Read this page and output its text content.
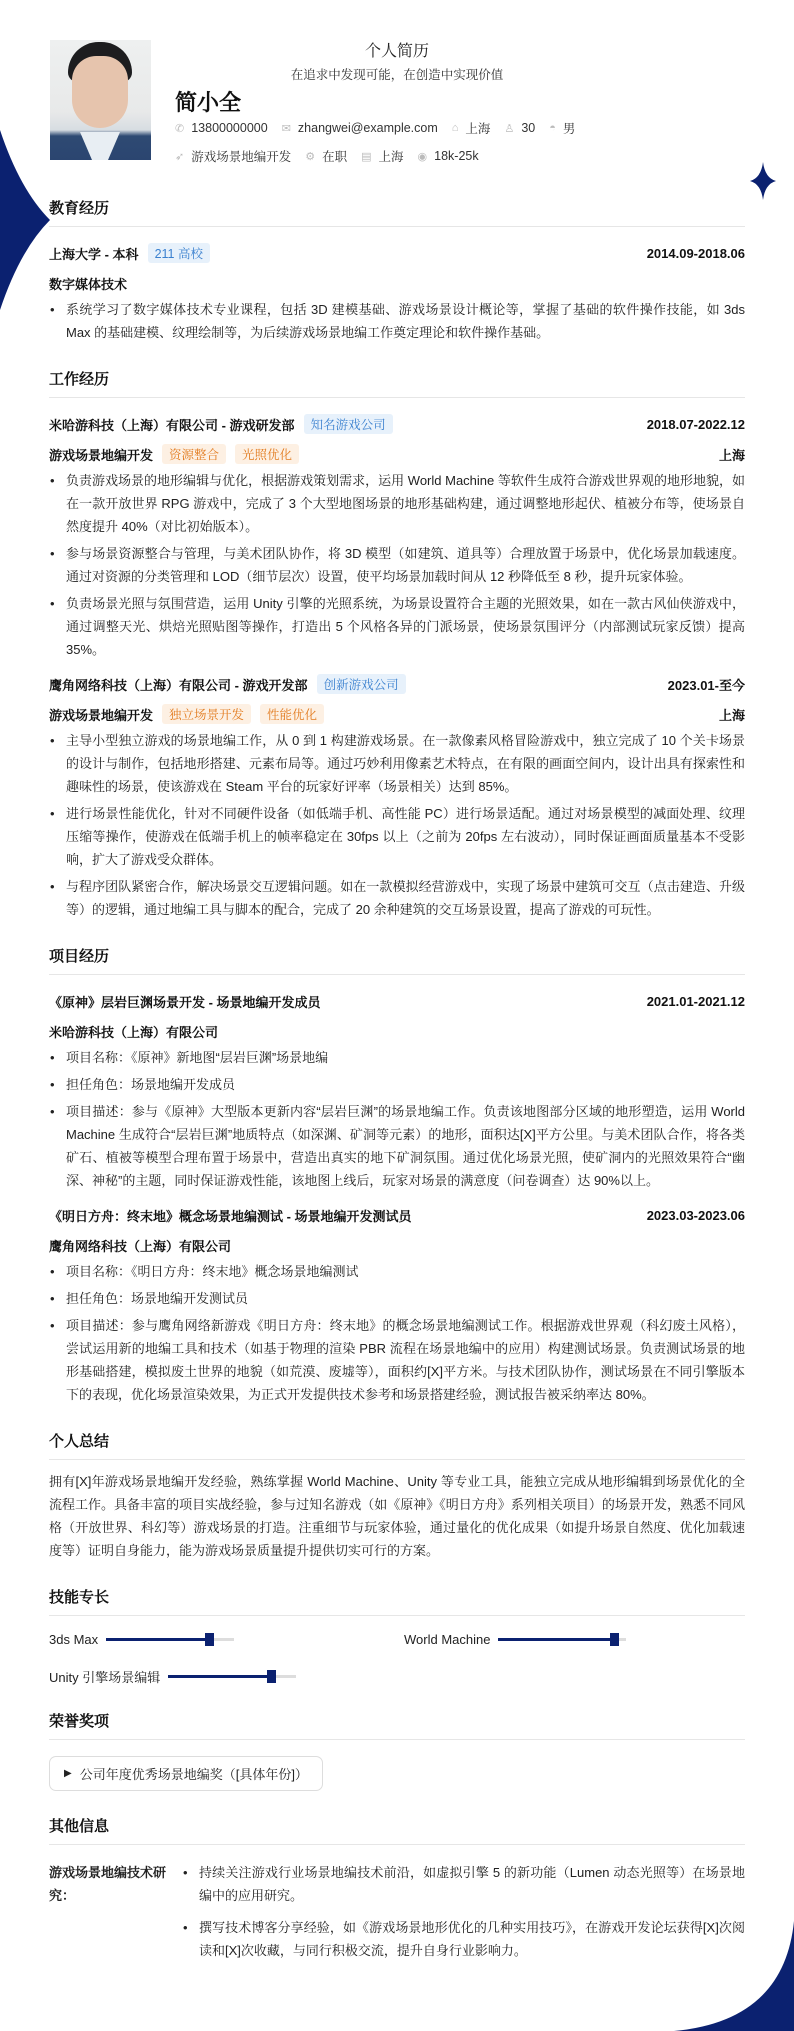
个人简历
在追求中发现可能，在创造中实现价值
简小全
✆ 13800000000 ✉ zhangwei@example.com ⌂ 上海 ♙ 30 ◓ 男
➶ 游戏场景地编开发 ⚙ 在职 ▤ 上海 ◉ 18k-25k
教育经历
上海大学 - 本科	211 高校	2014.09-2018.06
数字媒体技术
• 系统学习了数字媒体技术专业课程，包括 3D 建模基础、游戏场景设计概论等，掌握了基础的软件操作技能，如 3ds Max 的基础建模、纹理绘制等，为后续游戏场景地编工作奠定理论和软件操作基础。
工作经历
米哈游科技（上海）有限公司 - 游戏研发部	知名游戏公司	2018.07-2022.12
游戏场景地编开发	资源整合	光照优化	上海
• 负责游戏场景的地形编辑与优化，根据游戏策划需求，运用 World Machine 等软件生成符合游戏世界观的地形地貌，如在一款开放世界 RPG 游戏中，完成了 3 个大型地图场景的地形基础构建，通过调整地形起伏、植被分布等，使场景自然度提升 40%（对比初始版本）。
• 参与场景资源整合与管理，与美术团队协作，将 3D 模型（如建筑、道具等）合理放置于场景中，优化场景加载速度。通过对资源的分类管理和 LOD（细节层次）设置，使平均场景加载时间从 12 秒降低至 8 秒，提升玩家体验。
• 负责场景光照与氛围营造，运用 Unity 引擎的光照系统，为场景设置符合主题的光照效果，如在一款古风仙侠游戏中，通过调整天光、烘焙光照贴图等操作，打造出 5 个风格各异的门派场景，使场景氛围评分（内部测试玩家反馈）提高 35%。
鹰角网络科技（上海）有限公司 - 游戏开发部	创新游戏公司	2023.01-至今
游戏场景地编开发	独立场景开发	性能优化	上海
• 主导小型独立游戏的场景地编工作，从 0 到 1 构建游戏场景。在一款像素风格冒险游戏中，独立完成了 10 个关卡场景的设计与制作，包括地形搭建、元素布局等。通过巧妙利用像素艺术特点，在有限的画面空间内，设计出具有探索性和趣味性的场景，使该游戏在 Steam 平台的玩家好评率（场景相关）达到 85%。
• 进行场景性能优化，针对不同硬件设备（如低端手机、高性能 PC）进行场景适配。通过对场景模型的减面处理、纹理压缩等操作，使游戏在低端手机上的帧率稳定在 30fps 以上（之前为 20fps 左右波动），同时保证画面质量基本不受影响，扩大了游戏受众群体。
• 与程序团队紧密合作，解决场景交互逻辑问题。如在一款模拟经营游戏中，实现了场景中建筑可交互（点击建造、升级等）的逻辑，通过地编工具与脚本的配合，完成了 20 余种建筑的交互场景设置，提高了游戏的可玩性。
项目经历
《原神》层岩巨渊场景开发 - 场景地编开发成员	2021.01-2021.12
米哈游科技（上海）有限公司
• 项目名称：《原神》新地图“层岩巨渊”场景地编
• 担任角色：场景地编开发成员
• 项目描述：参与《原神》大型版本更新内容“层岩巨渊”的场景地编工作。负责该地图部分区域的地形塑造，运用 World Machine 生成符合“层岩巨渊”地质特点（如深渊、矿洞等元素）的地形，面积达[X]平方公里。与美术团队合作，将各类矿石、植被等模型合理布置于场景中，营造出真实的地下矿洞氛围。通过优化场景光照，使矿洞内的光照效果符合“幽深、神秘”的主题，同时保证游戏性能，该地图上线后，玩家对场景的满意度（问卷调查）达 90%以上。
《明日方舟：终末地》概念场景地编测试 - 场景地编开发测试员	2023.03-2023.06
鹰角网络科技（上海）有限公司
• 项目名称：《明日方舟：终末地》概念场景地编测试
• 担任角色：场景地编开发测试员
• 项目描述：参与鹰角网络新游戏《明日方舟：终末地》的概念场景地编测试工作。根据游戏世界观（科幻废土风格），尝试运用新的地编工具和技术（如基于物理的渲染 PBR 流程在场景地编中的应用）构建测试场景。负责测试场景的地形基础搭建，模拟废土世界的地貌（如荒漠、废墟等），面积约[X]平方米。与技术团队协作，测试场景在不同引擎版本下的表现，优化场景渲染效果，为正式开发提供技术参考和场景搭建经验，测试报告被采纳率达 80%。
个人总结

拥有[X]年游戏场景地编开发经验，熟练掌握 World Machine、Unity 等专业工具，能独立完成从地形编辑到场景优化的全流程工作。具备丰富的项目实战经验，参与过知名游戏（如《原神》《明日方舟》系列相关项目）的场景开发，熟悉不同风格（开放世界、科幻等）游戏场景的打造。注重细节与玩家体验，通过量化的优化成果（如提升场景自然度、优化加载速度等）证明自身能力，能为游戏场景质量提升提供切实可行的方案。

技能专长
3ds Max	World Machine
Unity 引擎场景编辑
荣誉奖项
▶ 公司年度优秀场景地编奖（[具体年份]）
其他信息
游戏场景地编技术研究：
• 持续关注游戏行业场景地编技术前沿，如虚拟引擎 5 的新功能（Lumen 动态光照等）在场景地编中的应用研究。
• 撰写技术博客分享经验，如《游戏场景地形优化的几种实用技巧》，在游戏开发论坛获得[X]次阅读和[X]次收藏，与同行积极交流，提升自身行业影响力。
